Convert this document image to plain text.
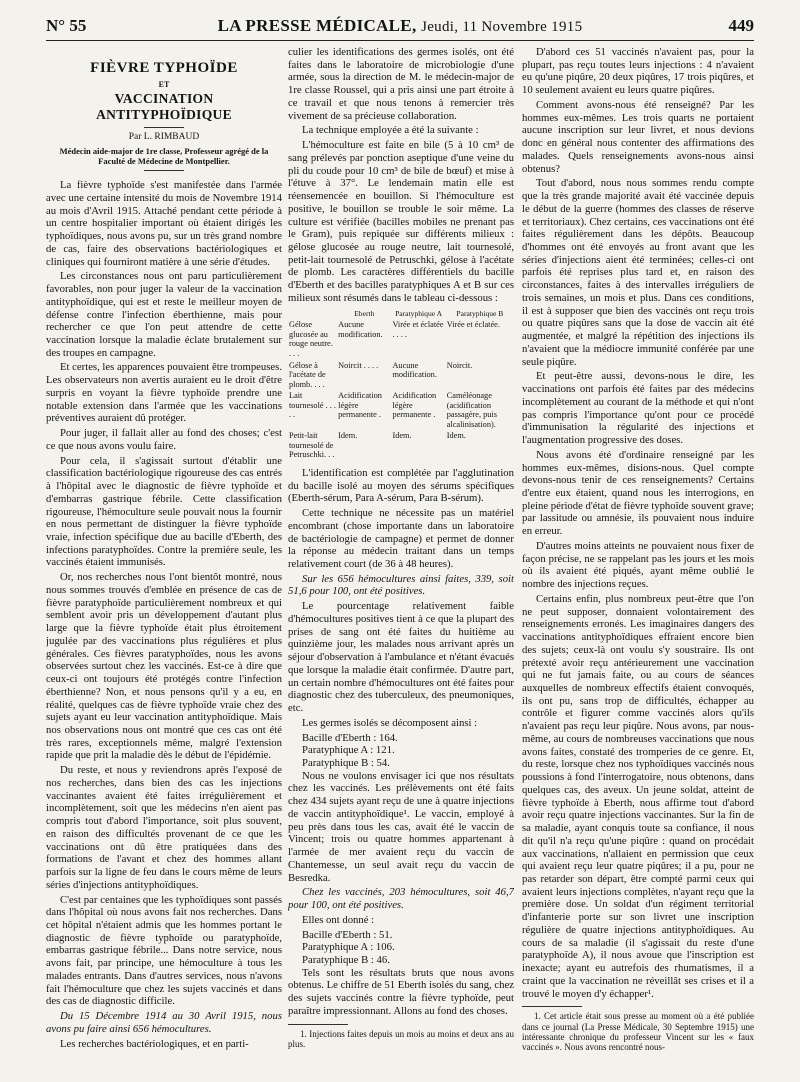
N° 55	LA PRESSE MÉDICALE, Jeudi, 11 Novembre 1915	449
FIÈVRE TYPHOÏDE
ET
VACCINATION ANTITYPHOÏDIQUE
Par L. RIMBAUD
Médecin aide-major de 1re classe, Professeur agrégé de la Faculté de Médecine de Montpellier.

La fièvre typhoïde s'est manifestée dans l'armée avec une certaine intensité du mois de Novembre 1914 au mois d'Avril 1915. Attaché pendant cette période à un centre hospitalier important où étaient dirigés les typhoïdiques, nous avons pu, sur un très grand nombre de cas, faire des observations bactériologiques et cliniques qui fourniront matière à une série d'études.

Les circonstances nous ont paru particulièrement favorables, non pour juger la valeur de la vaccination antityphoïdique, qui est et reste le meilleur moyen de défense contre l'infection éberthienne, mais pour rechercher ce que l'on peut attendre de cette vaccination lorsque la maladie éclate brutalement sur des troupes en campagne.

Et certes, les apparences pouvaient être trompeuses. Les observateurs non avertis auraient eu le droit d'être surpris en voyant la fièvre typhoïde prendre une notable extension dans l'armée que les vaccinations préventives auraient dû protéger.

Pour juger, il fallait aller au fond des choses; c'est ce que nous avons voulu faire.

Pour cela, il s'agissait surtout d'établir une classification bactériologique rigoureuse des cas entrés à l'hôpital avec le diagnostic de fièvre typhoïde et d'embarras gastrique fébrile. Cette classification rigoureuse, l'hémoculture seule pouvait nous la fournir en nous permettant de distinguer la fièvre typhoïde vraie, infection spécifique due au bacille d'Eberth, des infections paratyphoïdes. Contre la première seule, les vaccinés étaient immunisés.

Or, nos recherches nous l'ont bientôt montré, nous nous sommes trouvés d'emblée en présence de cas de fièvre paratyphoïde particulièrement nombreux et qui semblent avoir pris un développement d'autant plus large que la fièvre typhoïde était plus étroitement jugulée par des vaccinations plus régulières et plus générales. Ces fièvres paratyphoïdes, nous les avons observées surtout chez les vaccinés. Est-ce à dire que ceux-ci ont toujours été protégés contre l'infection éberthienne? Non, et nous pensons qu'il y a eu, en réalité, quelques cas de fièvre typhoïde vraie chez des sujets ayant eu leur vaccination antityphoïdique. Mais nos observations nous ont montré que ces cas ont été très rares, exceptionnels même, malgré l'extension rapide que prit la maladie dès le début de l'épidémie.

Du reste, et nous y reviendrons après l'exposé de nos recherches, dans bien des cas les injections vaccinantes avaient été faites irrégulièrement et incomplètement, soit que les médecins n'en aient pas compris tout d'abord l'importance, soit plus souvent, en raison des difficultés provenant de ce que les vaccinations ont dû être pratiquées dans des formations de l'avant et chez des hommes allant parfois sur la ligne de feu dans le cours même de leurs séries d'injections antityphoïdiques.

C'est par centaines que les typhoïdiques sont passés dans l'hôpital où nous avons fait nos recherches. Dans cet hôpital n'étaient admis que les hommes portant le diagnostic de fièvre typhoïde ou paratyphoïde, embarras gastrique fébrile... Dans notre service, nous avons fait, par principe, une hémoculture à tous les malades entrants. Dans d'autres services, nous n'avons fait l'hémoculture que chez les sujets vaccinés et dans des cas de diagnostic difficile.

Du 15 Décembre 1914 au 30 Avril 1915, nous avons pu faire ainsi 656 hémocultures.

Les recherches bactériologiques, et en parti-

culier les identifications des germes isolés, ont été faites dans le laboratoire de microbiologie d'une armée, sous la direction de M. le médecin-major de 1re classe Roussel, qui a pris ainsi une part étroite à ce travail et que nous tenons à remercier très vivement de sa précieuse collaboration.

La technique employée a été la suivante :

L'hémoculture est faite en bile (5 à 10 cm³ de sang prélevés par ponction aseptique d'une veine du pli du coude pour 10 cm³ de bile de bœuf) et mise à l'étuve à 37°. Le lendemain matin elle est réensemencée en bouillon. Si l'hémoculture est positive, le bouillon se trouble le soir même. La culture est vérifiée (bacilles mobiles ne prenant pas le Gram), puis repiquée sur différents milieux : gélose glucosée au rouge neutre, lait tournesolé, petit-lait tournesolé de Petruschki, gélose à l'acétate de plomb. Les caractères différentiels du bacille d'Eberth et des bacilles paratyphiques A et B sur ces milieux sont résumés dans le tableau ci-dessous :

	Eberth	Paratyphique A	Paratyphique B
Gélose glucosée au rouge neutre. . . .	Aucune modification.	Virée et éclatée . . . .	Virée et éclatée.
Gélose à l'acétate de plomb. . . .	Noircit . . . .	Aucune modification.	Noircit.
Lait tournesolé . . . . .	Acidification légère permanente .	Acidification légère permanente .	Caméléonage (acidification passagère, puis alcalinisation).
Petit-lait tournesolé de Petruschki. . .	Idem.	Idem.	Idem.

L'identification est complétée par l'agglutination du bacille isolé au moyen des sérums spécifiques (Eberth-sérum, Para A-sérum, Para B-sérum).

Cette technique ne nécessite pas un matériel encombrant (chose importante dans un laboratoire de bactériologie de campagne) et permet de donner la réponse au médecin traitant dans un temps relativement court (de 36 à 48 heures).

Sur les 656 hémocultures ainsi faites, 339, soit 51,6 pour 100, ont été positives.

Le pourcentage relativement faible d'hémocultures positives tient à ce que la plupart des prises de sang ont été faites du huitième au quinzième jour, les malades nous arrivant après un séjour d'observation à l'ambulance et n'étant évacués que lorsque la maladie était confirmée. D'autre part, un certain nombre d'hémocultures ont été faites pour diagnostic chez des tuberculeux, des pneumoniques, etc.

Les germes isolés se décomposent ainsi :

Bacille d'Eberth : 164.

Paratyphique A : 121.

Paratyphique B : 54.

Nous ne voulons envisager ici que nos résultats chez les vaccinés. Les prélèvements ont été faits chez 434 sujets ayant reçu de une à quatre injections de vaccin antityphoïdique¹. Le vaccin, employé à peu près dans tous les cas, avait été le vaccin de Vincent; trois ou quatre hommes appartenant à l'armée de mer avaient reçu du vaccin de Chantemesse, un seul avait reçu du vaccin de Besredka.

Chez les vaccinés, 203 hémocultures, soit 46,7 pour 100, ont été positives.

Elles ont donné :

Bacille d'Eberth : 51.

Paratyphique A : 106.

Paratyphique B : 46.

Tels sont les résultats bruts que nous avons obtenus. Le chiffre de 51 Eberth isolés du sang, chez des sujets vaccinés contre la fièvre typhoïde, peut paraître impressionnant. Allons au fond des choses.

1. Injections faites depuis un mois au moins et deux ans au plus.

D'abord ces 51 vaccinés n'avaient pas, pour la plupart, pas reçu toutes leurs injections : 4 n'avaient eu qu'une piqûre, 20 deux piqûres, 17 trois piqûres, et 10 seulement avaient eu leurs quatre piqûres.

Comment avons-nous été renseigné? Par les hommes eux-mêmes. Les trois quarts ne portaient aucune inscription sur leur livret, et nous devions donc en général nous contenter des affirmations des malades. Quels renseignements avons-nous ainsi obtenus?

Tout d'abord, nous nous sommes rendu compte que la très grande majorité avait été vaccinée depuis le début de la guerre (hommes des classes de réserve et territoriaux). Chez certains, ces vaccinations ont été faites régulièrement dans les dépôts. Beaucoup d'hommes ont été envoyés au front avant que les séries d'injections aient été terminées; celles-ci ont parfois été reprises plus tard et, en raison des circonstances, faites à des intervalles irréguliers de trois semaines, un mois et plus. Dans ces conditions, il est à supposer que bien des vaccinés ont reçu trois ou quatre piqûres sans que la dose de vaccin ait été augmentée, et malgré la répétition des injections ils n'avaient que la médiocre immunité conférée par une seule piqûre.

Et peut-être aussi, devons-nous le dire, les vaccinations ont parfois été faites par des médecins incomplètement au courant de la méthode et qui n'ont pas compris l'importance qu'ont pour ce procédé d'immunisation la régularité des injections et l'augmentation progressive des doses.

Nous avons été d'ordinaire renseigné par les hommes eux-mêmes, disions-nous. Quel compte devons-nous tenir de ces renseignements? Certains d'entre eux étaient, quand nous les interrogions, en pleine période d'état de fièvre typhoïde souvent grave; par lassitude ou amnésie, ils pouvaient nous induire en erreur.

D'autres moins atteints ne pouvaient nous fixer de façon précise, ne se rappelant pas les jours et les mois où ils avaient été piqués, ayant même oublié le nombre des injections reçues.

Certains enfin, plus nombreux peut-être que l'on ne peut supposer, donnaient volontairement des renseignements erronés. Les imaginaires dangers des vaccinations antityphoïdiques effraient encore bien des sujets; ceux-là ont voulu s'y soustraire. Ils ont prétexté avoir reçu antérieurement une vaccination qui ne fut jamais faite, ou au cours de séances auxquelles de nombreux effectifs étaient convoqués, ils ont pu, sans trop de difficultés, échapper au contrôle et figurer comme vaccinés alors qu'ils n'avaient pas reçu leur piqûre. Nous avons, par nous-même, au cours de nombreuses vaccinations que nous avons faites, constaté des tromperies de ce genre. Et, du reste, lorsque chez nos typhoïdiques vaccinés nous poussions à fond l'interrogatoire, nous obtenons, dans quelques cas, des aveux. Un jeune soldat, atteint de fièvre typhoïde à Eberth, nous affirme tout d'abord avoir reçu quatre injections vaccinantes. Sur la fin de sa maladie, ayant conquis toute sa confiance, il nous dit qu'il n'a reçu qu'une piqûre : quand on procédait aux vaccinations, n'allaient en permission que ceux qui avaient reçu leur quatre piqûres; il a pu, pour ne pas retarder son départ, être compté parmi ceux qui avaient leurs injections complètes, n'ayant reçu que la première dose. Un soldat d'un régiment territorial d'infanterie porte sur son livret une inscription régulière de quatre injections antityphoïdiques. Au cours de sa maladie (il s'agissait du reste d'une paratyphoïde A), il nous avoue que l'inscription est inexacte; ayant eu autrefois des rhumatismes, il a craint que la vaccination ne réveillât ses crises et il a trouvé le moyen d'y échapper¹.

1. Cet article était sous presse au moment où a été publiée dans ce journal (La Presse Médicale, 30 Septembre 1915) une intéressante chronique du professeur Vincent sur les « faux vaccinés ». Nous avons rencontré nous-
